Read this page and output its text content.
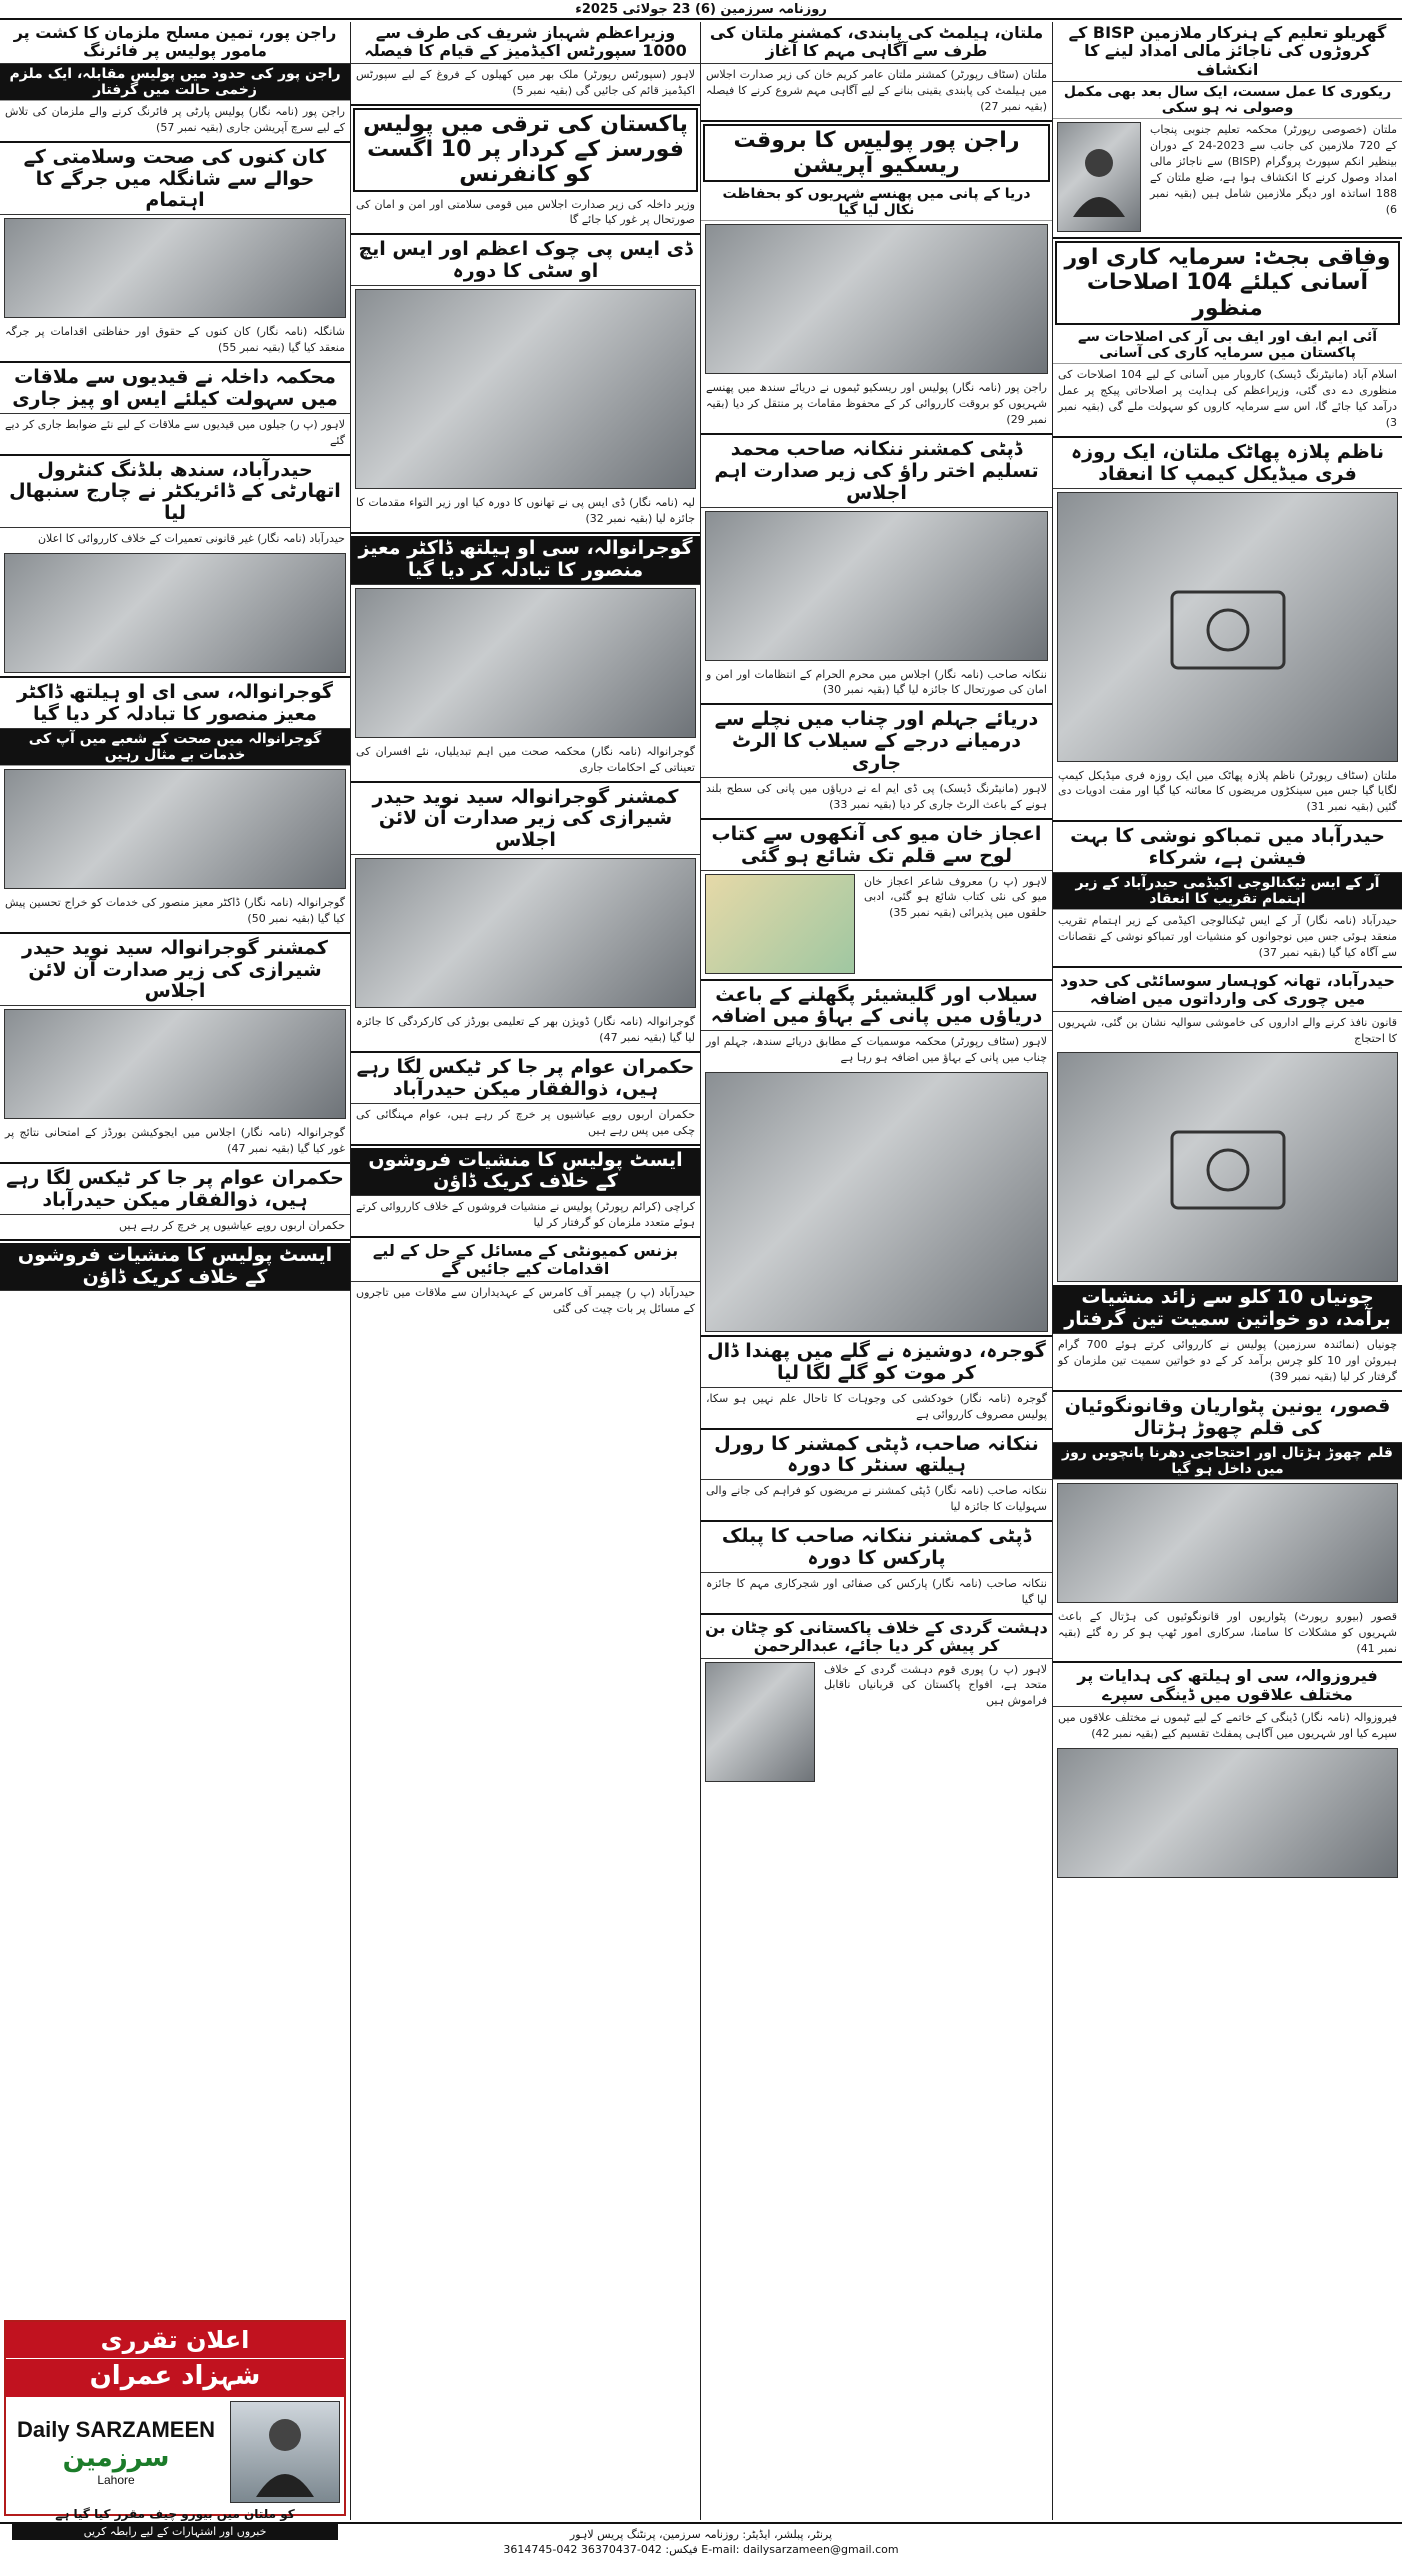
روزنامہ سرزمین (6) 23 جولائی 2025ء
گھریلو تعلیم کے ہنرکار ملازمین BISP کے کروڑوں کی ناجائز مالی امداد لینے کا انکشاف
ریکوری کا عمل سست، ایک سال بعد بھی مکمل وصولی نہ ہو سکی
ملتان (خصوصی رپورٹر) محکمہ تعلیم جنوبی پنجاب کے 720 ملازمین کی جانب سے 2023-24 کے دوران بینظیر انکم سپورٹ پروگرام (BISP) سے ناجائز مالی امداد وصول کرنے کا انکشاف ہوا ہے، ضلع ملتان کے 188 اساتذہ اور دیگر ملازمین شامل ہیں (بقیہ نمبر 6)
وفاقی بجٹ: سرمایہ کاری اور آسانی کیلئے 104 اصلاحات منظور
آئی ایم ایف اور ایف بی آر کی اصلاحات سے پاکستان میں سرمایہ کاری کی آسانی
اسلام آباد (مانیٹرنگ ڈیسک) کاروبار میں آسانی کے لیے 104 اصلاحات کی منظوری دے دی گئی، وزیراعظم کی ہدایت پر اصلاحاتی پیکج پر عمل درآمد کیا جائے گا، اس سے سرمایہ کاروں کو سہولت ملے گی (بقیہ نمبر 3)
ناظم پلازہ پھاٹک ملتان، ایک روزہ فری میڈیکل کیمپ کا انعقاد
ملتان (سٹاف رپورٹر) ناظم پلازہ پھاٹک میں ایک روزہ فری میڈیکل کیمپ لگایا گیا جس میں سینکڑوں مریضوں کا معائنہ کیا گیا اور مفت ادویات دی گئیں (بقیہ نمبر 31)
حیدرآباد میں تمباکو نوشی کا بہت فیشن ہے، شرکاء
آر کے ایس ٹیکنالوجی اکیڈمی حیدرآباد کے زیر اہتمام تقریب کا انعقاد
حیدرآباد (نامہ نگار) آر کے ایس ٹیکنالوجی اکیڈمی کے زیر اہتمام تقریب منعقد ہوئی جس میں نوجوانوں کو منشیات اور تمباکو نوشی کے نقصانات سے آگاہ کیا گیا (بقیہ نمبر 37)
حیدرآباد، تھانہ کوہسار سوسائٹی کی حدود میں چوری کی وارداتوں میں اضافہ
قانون نافذ کرنے والے اداروں کی خاموشی سوالیہ نشان بن گئی، شہریوں کا احتجاج
چونیاں 10 کلو سے زائد منشیات برآمد، دو خواتین سمیت تین گرفتار
چونیاں (نمائندہ سرزمین) پولیس نے کارروائی کرتے ہوئے 700 گرام ہیروئن اور 10 کلو چرس برآمد کر کے دو خواتین سمیت تین ملزمان کو گرفتار کر لیا (بقیہ نمبر 39)
قصور، یونین پٹواریان وقانونگوئیان کی قلم چھوڑ ہڑتال
قلم چھوڑ ہڑتال اور احتجاجی دھرنا پانچویں روز میں داخل ہو گیا
قصور (بیورو رپورٹ) پٹواریوں اور قانونگوئیوں کی ہڑتال کے باعث شہریوں کو مشکلات کا سامنا، سرکاری امور ٹھپ ہو کر رہ گئے (بقیہ نمبر 41)
فیروزوالہ، سی او ہیلتھ کی ہدایات پر مختلف علاقوں میں ڈینگی سپرے
فیروزوالہ (نامہ نگار) ڈینگی کے خاتمے کے لیے ٹیموں نے مختلف علاقوں میں سپرے کیا اور شہریوں میں آگاہی پمفلٹ تقسیم کیے (بقیہ نمبر 42)
ملتان، ہیلمٹ کی پابندی، کمشنر ملتان کی طرف سے آگاہی مہم کا آغاز
ملتان (سٹاف رپورٹر) کمشنر ملتان عامر کریم خان کی زیر صدارت اجلاس میں ہیلمٹ کی پابندی یقینی بنانے کے لیے آگاہی مہم شروع کرنے کا فیصلہ (بقیہ نمبر 27)
راجن پور پولیس کا بروقت ریسکیو آپریشن
دریا کے پانی میں پھنسے شہریوں کو بحفاظت نکال لیا گیا
راجن پور (نامہ نگار) پولیس اور ریسکیو ٹیموں نے دریائے سندھ میں پھنسے شہریوں کو بروقت کارروائی کر کے محفوظ مقامات پر منتقل کر دیا (بقیہ نمبر 29)
ڈپٹی کمشنر ننکانہ صاحب محمد تسلیم اختر راؤ کی زیر صدارت اہم اجلاس
ننکانہ صاحب (نامہ نگار) اجلاس میں محرم الحرام کے انتظامات اور امن و امان کی صورتحال کا جائزہ لیا گیا (بقیہ نمبر 30)
دریائے جہلم اور چناب میں نچلے سے درمیانے درجے کے سیلاب کا الرٹ جاری
لاہور (مانیٹرنگ ڈیسک) پی ڈی ایم اے نے دریاؤں میں پانی کی سطح بلند ہونے کے باعث الرٹ جاری کر دیا (بقیہ نمبر 33)
اعجاز خان میو کی آنکھوں سے کتاب لوح سے قلم تک شائع ہو گئی
لاہور (پ ر) معروف شاعر اعجاز خان میو کی نئی کتاب شائع ہو گئی، ادبی حلقوں میں پذیرائی (بقیہ نمبر 35)
سیلاب اور گلیشیئر پگھلنے کے باعث دریاؤں میں پانی کے بہاؤ میں اضافہ
لاہور (سٹاف رپورٹر) محکمہ موسمیات کے مطابق دریائے سندھ، جہلم اور چناب میں پانی کے بہاؤ میں اضافہ ہو رہا ہے
گوجرہ، دوشیزہ نے گلے میں پھندا ڈال کر موت کو گلے لگا لیا
گوجرہ (نامہ نگار) خودکشی کی وجوہات کا تاحال علم نہیں ہو سکا، پولیس مصروف کارروائی ہے
ننکانہ صاحب، ڈپٹی کمشنر کا رورل ہیلتھ سنٹر کا دورہ
ننکانہ صاحب (نامہ نگار) ڈپٹی کمشنر نے مریضوں کو فراہم کی جانے والی سہولیات کا جائزہ لیا
ڈپٹی کمشنر ننکانہ صاحب کا پبلک پارکس کا دورہ
ننکانہ صاحب (نامہ نگار) پارکس کی صفائی اور شجرکاری مہم کا جائزہ لیا گیا
دہشت گردی کے خلاف پاکستانی کو چٹان بن کر پیش کر دیا جائے، عبدالرحمن
لاہور (پ ر) پوری قوم دہشت گردی کے خلاف متحد ہے، افواج پاکستان کی قربانیاں ناقابل فراموش ہیں
وزیراعظم شہباز شریف کی طرف سے 1000 سپورٹس اکیڈمیز کے قیام کا فیصلہ
لاہور (سپورٹس رپورٹر) ملک بھر میں کھیلوں کے فروغ کے لیے سپورٹس اکیڈمیز قائم کی جائیں گی (بقیہ نمبر 5)
پاکستان کی ترقی میں پولیس فورسز کے کردار پر 10 اگست کو کانفرنس
وزیر داخلہ کی زیر صدارت اجلاس میں قومی سلامتی اور امن و امان کی صورتحال پر غور کیا جائے گا
ڈی ایس پی چوک اعظم اور ایس ایچ او سٹی کا دورہ
لیہ (نامہ نگار) ڈی ایس پی نے تھانوں کا دورہ کیا اور زیر التواء مقدمات کا جائزہ لیا (بقیہ نمبر 32)
گوجرانوالہ، سی او ہیلتھ ڈاکٹر معیز منصور کا تبادلہ کر دیا گیا
گوجرانوالہ (نامہ نگار) محکمہ صحت میں اہم تبدیلیاں، نئے افسران کی تعیناتی کے احکامات جاری
کمشنر گوجرانوالہ سید نوید حیدر شیرازی کی زیر صدارت آن لائن اجلاس
گوجرانوالہ (نامہ نگار) ڈویژن بھر کے تعلیمی بورڈز کی کارکردگی کا جائزہ لیا گیا (بقیہ نمبر 47)
حکمران عوام پر جا کر ٹیکس لگا رہے ہیں، ذوالفقار میکن حیدرآباد
حکمران اربوں روپے عیاشیوں پر خرچ کر رہے ہیں، عوام مہنگائی کی چکی میں پس رہے ہیں
ایسٹ پولیس کا منشیات فروشوں کے خلاف کریک ڈاؤن
کراچی (کرائم رپورٹر) پولیس نے منشیات فروشوں کے خلاف کارروائی کرتے ہوئے متعدد ملزمان کو گرفتار کر لیا
بزنس کمیونٹی کے مسائل کے حل کے لیے اقدامات کیے جائیں گے
حیدرآباد (پ ر) چیمبر آف کامرس کے عہدیداران سے ملاقات میں تاجروں کے مسائل پر بات چیت کی گئی
راجن پور، تمین مسلح ملزمان کا کشت پر مامور پولیس پر فائرنگ
راجن پور کی حدود میں پولیس مقابلہ، ایک ملزم زخمی حالت میں گرفتار
راجن پور (نامہ نگار) پولیس پارٹی پر فائرنگ کرنے والے ملزمان کی تلاش کے لیے سرچ آپریشن جاری (بقیہ نمبر 57)
کان کنوں کی صحت وسلامتی کے حوالے سے شانگلہ میں جرگے کا اہتمام
شانگلہ (نامہ نگار) کان کنوں کے حقوق اور حفاظتی اقدامات پر جرگہ منعقد کیا گیا (بقیہ نمبر 55)
محکمہ داخلہ نے قیدیوں سے ملاقات میں سہولت کیلئے ایس او پیز جاری
لاہور (پ ر) جیلوں میں قیدیوں سے ملاقات کے لیے نئے ضوابط جاری کر دیے گئے
حیدرآباد، سندھ بلڈنگ کنٹرول اتھارٹی کے ڈائریکٹر نے چارج سنبھال لیا
حیدرآباد (نامہ نگار) غیر قانونی تعمیرات کے خلاف کارروائی کا اعلان
گوجرانوالہ، سی ای او ہیلتھ ڈاکٹر معیز منصور کا تبادلہ کر دیا گیا
گوجرانوالہ میں صحت کے شعبے میں آپ کی خدمات بے مثال رہیں
گوجرانوالہ (نامہ نگار) ڈاکٹر معیز منصور کی خدمات کو خراج تحسین پیش کیا گیا (بقیہ نمبر 50)
کمشنر گوجرانوالہ سید نوید حیدر شیرازی کی زیر صدارت آن لائن اجلاس
گوجرانوالہ (نامہ نگار) اجلاس میں ایجوکیشن بورڈز کے امتحانی نتائج پر غور کیا گیا (بقیہ نمبر 47)
حکمران عوام پر جا کر ٹیکس لگا رہے ہیں، ذوالفقار میکن حیدرآباد
حکمران اربوں روپے عیاشیوں پر خرچ کر رہے ہیں
ایسٹ پولیس کا منشیات فروشوں کے خلاف کریک ڈاؤن
اعلان تقرری
شہزاد عمران
Daily SARZAMEEN
سرزمین
Lahore
کو ملتان میں بیورو چیف مقرر کیا گیا ہے
خبروں اور اشتہارات کے لیے رابطہ کریں	پرنٹر، پبلشر، ایڈیٹر: روزنامہ سرزمین، پرنٹنگ پریس لاہور
E-mail: dailysarzameen@gmail.com فیکس: 042-36370437 042-3614745
